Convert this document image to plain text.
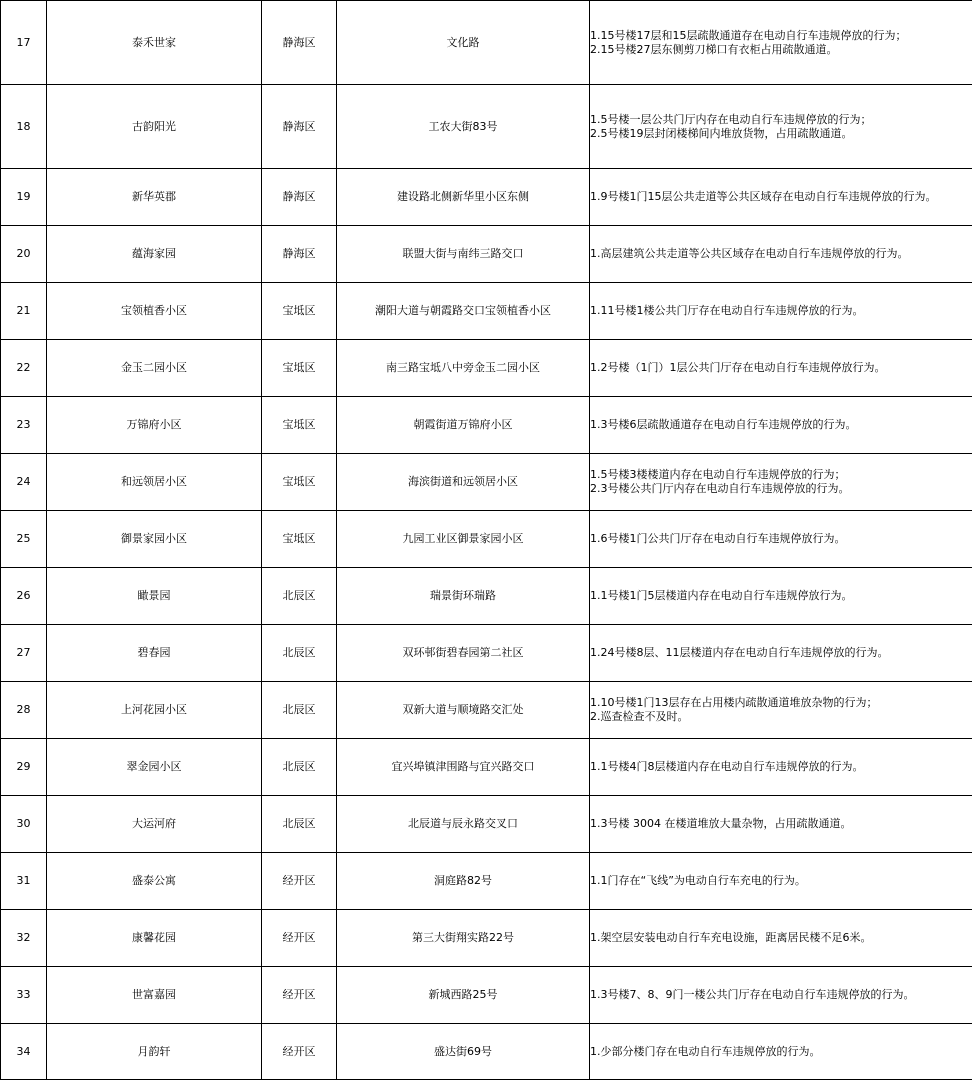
17	泰禾世家	静海区	文化路	1.15号楼17层和15层疏散通道存在电动自行车违规停放的行为；
2.15号楼27层东侧剪刀梯口有衣柜占用疏散通道。

18	古韵阳光	静海区	工农大街83号	1.5号楼一层公共门厅内存在电动自行车违规停放的行为；
2.5号楼19层封闭楼梯间内堆放货物，占用疏散通道。

19	新华英郡	静海区	建设路北侧新华里小区东侧	1.9号楼1门15层公共走道等公共区域存在电动自行车违规停放的行为。

20	蕴海家园	静海区	联盟大街与南纬三路交口	1.高层建筑公共走道等公共区域存在电动自行车违规停放的行为。

21	宝领植香小区	宝坻区	潮阳大道与朝霞路交口宝领植香小区	1.11号楼1楼公共门厅存在电动自行车违规停放的行为。

22	金玉二园小区	宝坻区	南三路宝坻八中旁金玉二园小区	1.2号楼（1门）1层公共门厅存在电动自行车违规停放行为。

23	万锦府小区	宝坻区	朝霞街道万锦府小区	1.3号楼6层疏散通道存在电动自行车违规停放的行为。

24	和远领居小区	宝坻区	海滨街道和远领居小区	1.5号楼3楼楼道内存在电动自行车违规停放的行为；
2.3号楼公共门厅内存在电动自行车违规停放的行为。

25	御景家园小区	宝坻区	九园工业区御景家园小区	1.6号楼1门公共门厅存在电动自行车违规停放行为。

26	瞰景园	北辰区	瑞景街环瑞路	1.1号楼1门5层楼道内存在电动自行车违规停放行为。

27	碧春园	北辰区	双环邨街碧春园第二社区	1.24号楼8层、11层楼道内存在电动自行车违规停放的行为。

28	上河花园小区	北辰区	双新大道与顺境路交汇处	1.10号楼1门13层存在占用楼内疏散通道堆放杂物的行为；
2.巡查检查不及时。

29	翠金园小区	北辰区	宜兴埠镇津围路与宜兴路交口	1.1号楼4门8层楼道内存在电动自行车违规停放的行为。

30	大运河府	北辰区	北辰道与辰永路交叉口	1.3号楼 3004 在楼道堆放大量杂物，占用疏散通道。

31	盛泰公寓	经开区	洞庭路82号	1.1门存在“飞线”为电动自行车充电的行为。

32	康馨花园	经开区	第三大街翔实路22号	1.架空层安装电动自行车充电设施，距离居民楼不足6米。

33	世富嘉园	经开区	新城西路25号	1.3号楼7、8、9门一楼公共门厅存在电动自行车违规停放的行为。

34	月韵轩	经开区	盛达街69号	1.少部分楼门存在电动自行车违规停放的行为。
